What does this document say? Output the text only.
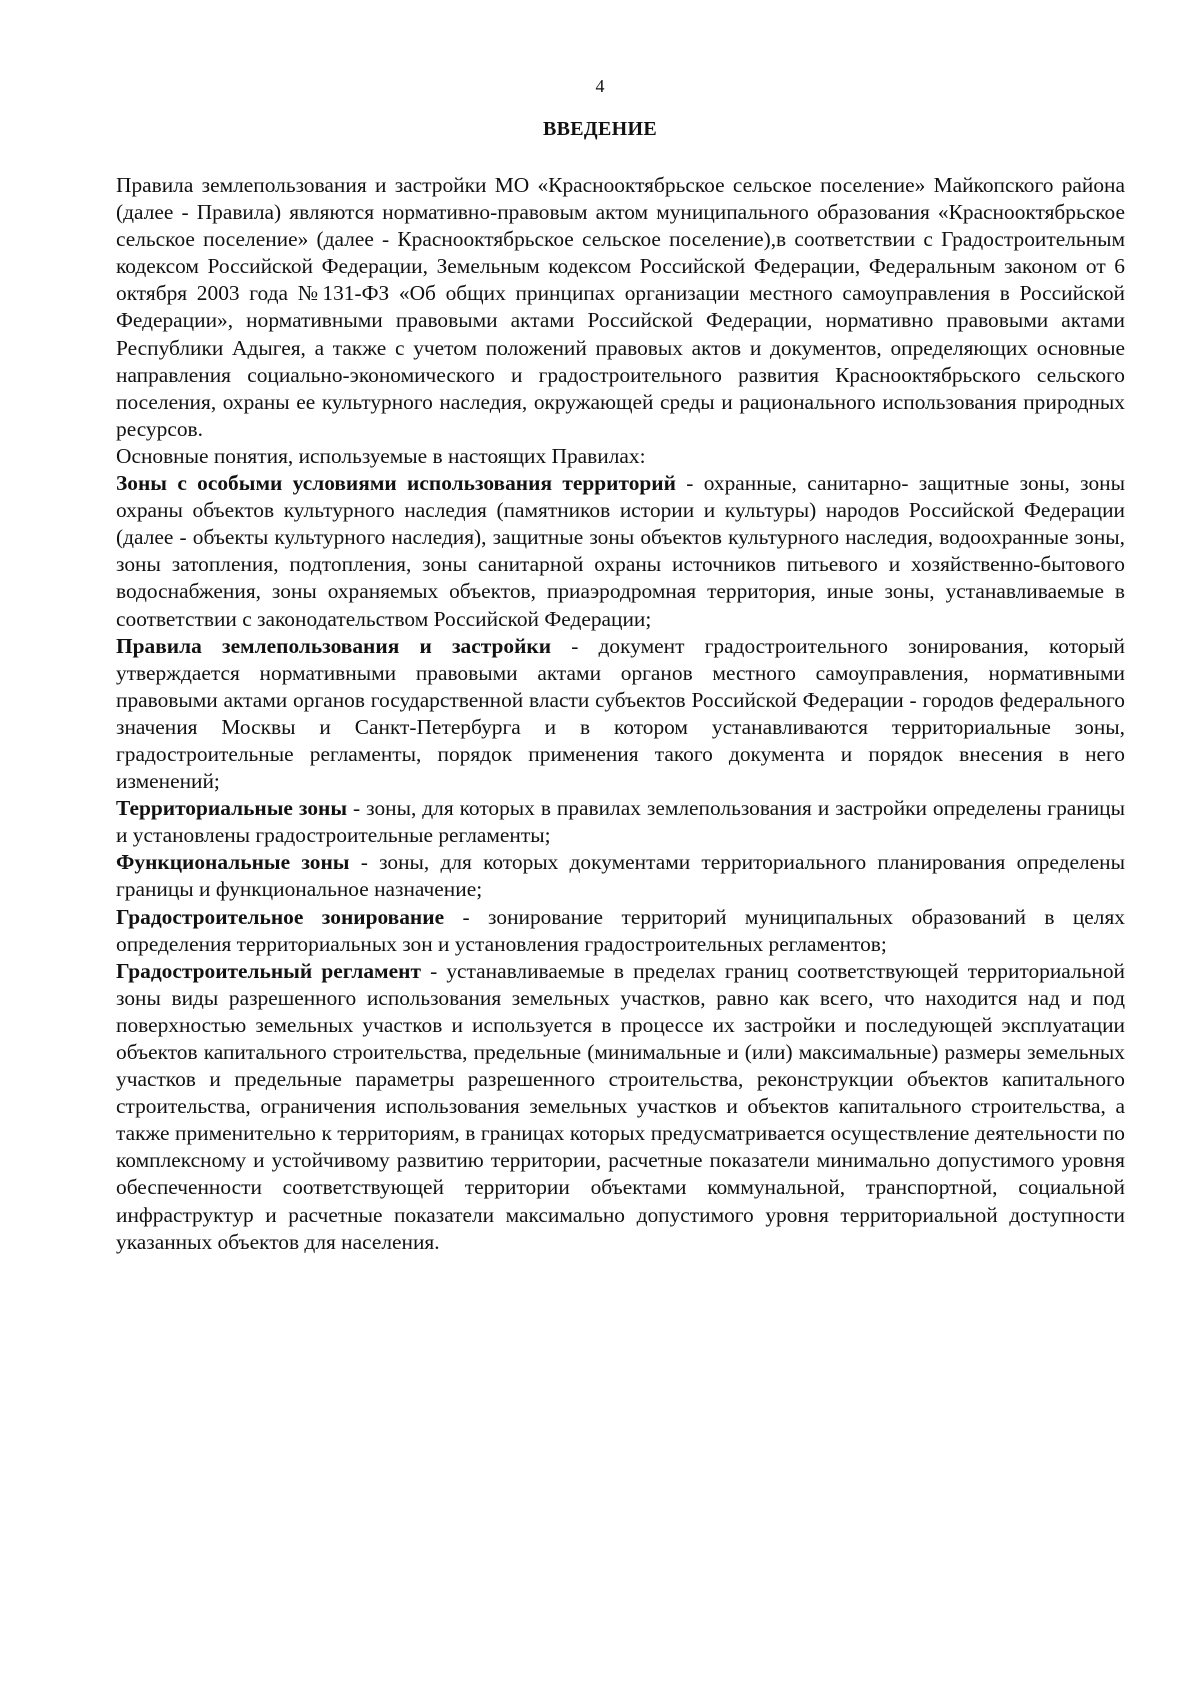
4
ВВЕДЕНИЕ

Правила землепользования и застройки МО «Краснооктябрьское сельское поселение» Майкопского района (далее - Правила) являются нормативно-правовым актом муниципального образования «Краснооктябрьское сельское поселение» (далее - Краснооктябрьское сельское поселение),в соответствии с Градостроительным кодексом Российской Федерации, Земельным кодексом Российской Федерации, Федеральным законом от 6 октября 2003 года №131-ФЗ «Об общих принципах организации местного самоуправления в Российской Федерации», нормативными правовыми актами Российской Федерации, нормативно правовыми актами Республики Адыгея, а также с учетом положений правовых актов и документов, определяющих основные направления социально-экономического и градостроительного развития Краснооктябрьского сельского поселения, охраны ее культурного наследия, окружающей среды и рационального использования природных ресурсов.

Основные понятия, используемые в настоящих Правилах:

Зоны с особыми условиями использования территорий - охранные, санитарно- защитные зоны, зоны охраны объектов культурного наследия (памятников истории и культуры) народов Российской Федерации (далее - объекты культурного наследия), защитные зоны объектов культурного наследия, водоохранные зоны, зоны затопления, подтопления, зоны санитарной охраны источников питьевого и хозяйственно-бытового водоснабжения, зоны охраняемых объектов, приаэродромная территория, иные зоны, устанавливаемые в соответствии с законодательством Российской Федерации;

Правила землепользования и застройки - документ градостроительного зонирования, который утверждается нормативными правовыми актами органов местного самоуправления, нормативными правовыми актами органов государственной власти субъектов Российской Федерации - городов федерального значения Москвы и Санкт-Петербурга и в котором устанавливаются территориальные зоны, градостроительные регламенты, порядок применения такого документа и порядок внесения в него изменений;

Территориальные зоны - зоны, для которых в правилах землепользования и застройки определены границы и установлены градостроительные регламенты;

Функциональные зоны - зоны, для которых документами территориального планирования определены границы и функциональное назначение;

Градостроительное зонирование - зонирование территорий муниципальных образований в целях определения территориальных зон и установления градостроительных регламентов;

Градостроительный регламент - устанавливаемые в пределах границ соответствующей территориальной зоны виды разрешенного использования земельных участков, равно как всего, что находится над и под поверхностью земельных участков и используется в процессе их застройки и последующей эксплуатации объектов капитального строительства, предельные (минимальные и (или) максимальные) размеры земельных участков и предельные параметры разрешенного строительства, реконструкции объектов капитального строительства, ограничения использования земельных участков и объектов капитального строительства, а также применительно к территориям, в границах которых предусматривается осуществление деятельности по комплексному и устойчивому развитию территории, расчетные показатели минимально допустимого уровня обеспеченности соответствующей территории объектами коммунальной, транспортной, социальной инфраструктур и расчетные показатели максимально допустимого уровня территориальной доступности указанных объектов для населения.
